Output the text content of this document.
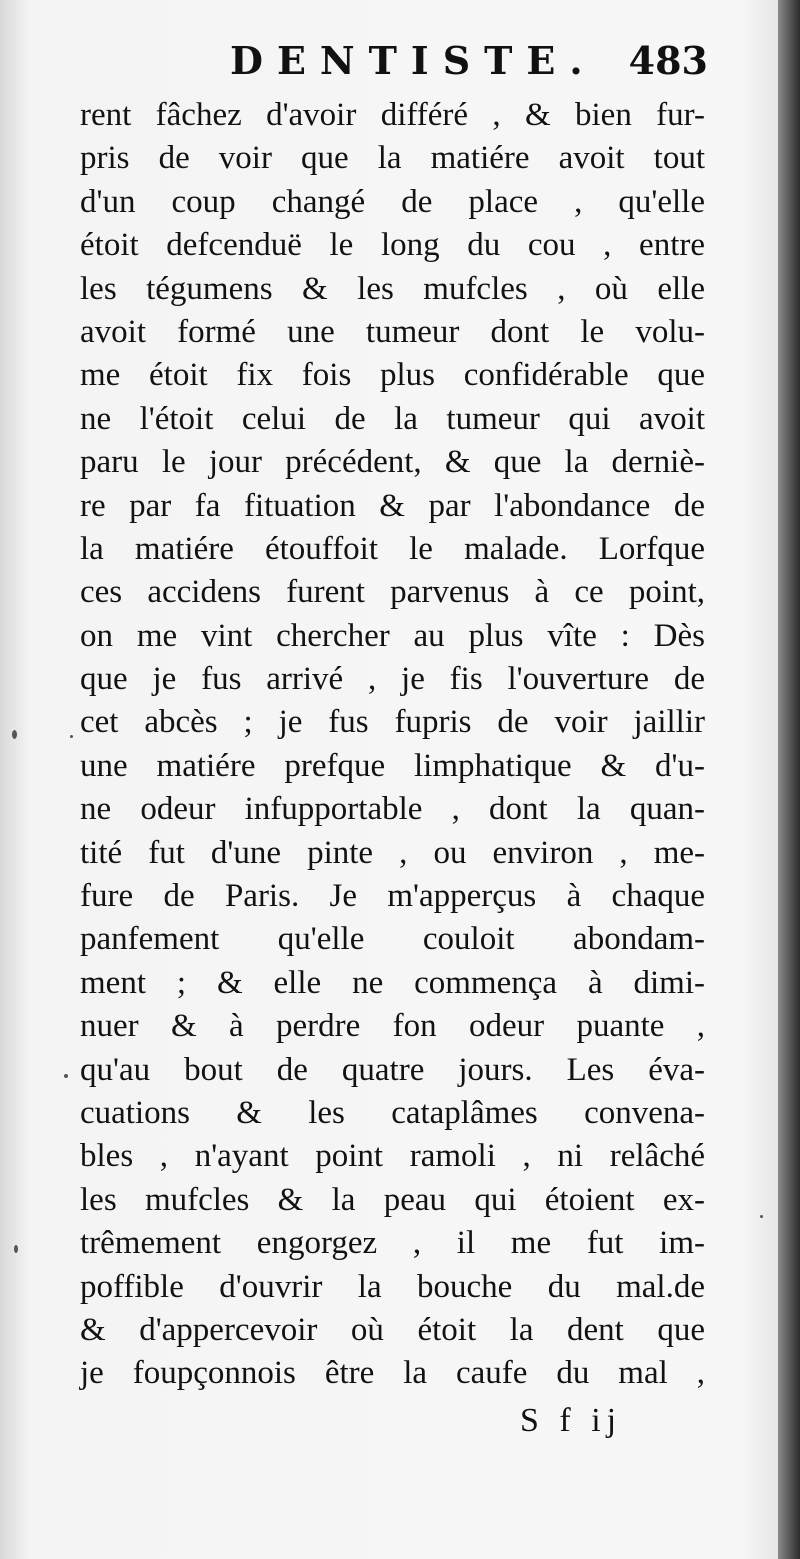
DENTISTE. 483
rent fâchez d'avoir différé , & bien fur-
pris de voir que la matiére avoit tout
d'un coup changé de place , qu'elle
étoit defcenduë le long du cou , entre
les tégumens & les mufcles , où elle
avoit formé une tumeur dont le volu-
me étoit fix fois plus confidérable que
ne l'étoit celui de la tumeur qui avoit
paru le jour précédent, & que la derniè-
re par fa fituation & par l'abondance de
la matiére étouffoit le malade. Lorfque
ces accidens furent parvenus à ce point,
on me vint chercher au plus vîte : Dès
que je fus arrivé , je fis l'ouverture de
cet abcès ; je fus fupris de voir jaillir
une matiére prefque limphatique & d'u-
ne odeur infupportable , dont la quan-
tité fut d'une pinte , ou environ , me-
fure de Paris. Je m'apperçus à chaque
panfement qu'elle couloit abondam-
ment ; & elle ne commença à dimi-
nuer & à perdre fon odeur puante ,
qu'au bout de quatre jours. Les éva-
cuations & les cataplâmes convena-
bles , n'ayant point ramoli , ni relâché
les mufcles & la peau qui étoient ex-
trêmement engorgez , il me fut im-
poffible d'ouvrir la bouche du mal.de
& d'appercevoir où étoit la dent que
je foupçonnois être la caufe du mal ,
S f ij
